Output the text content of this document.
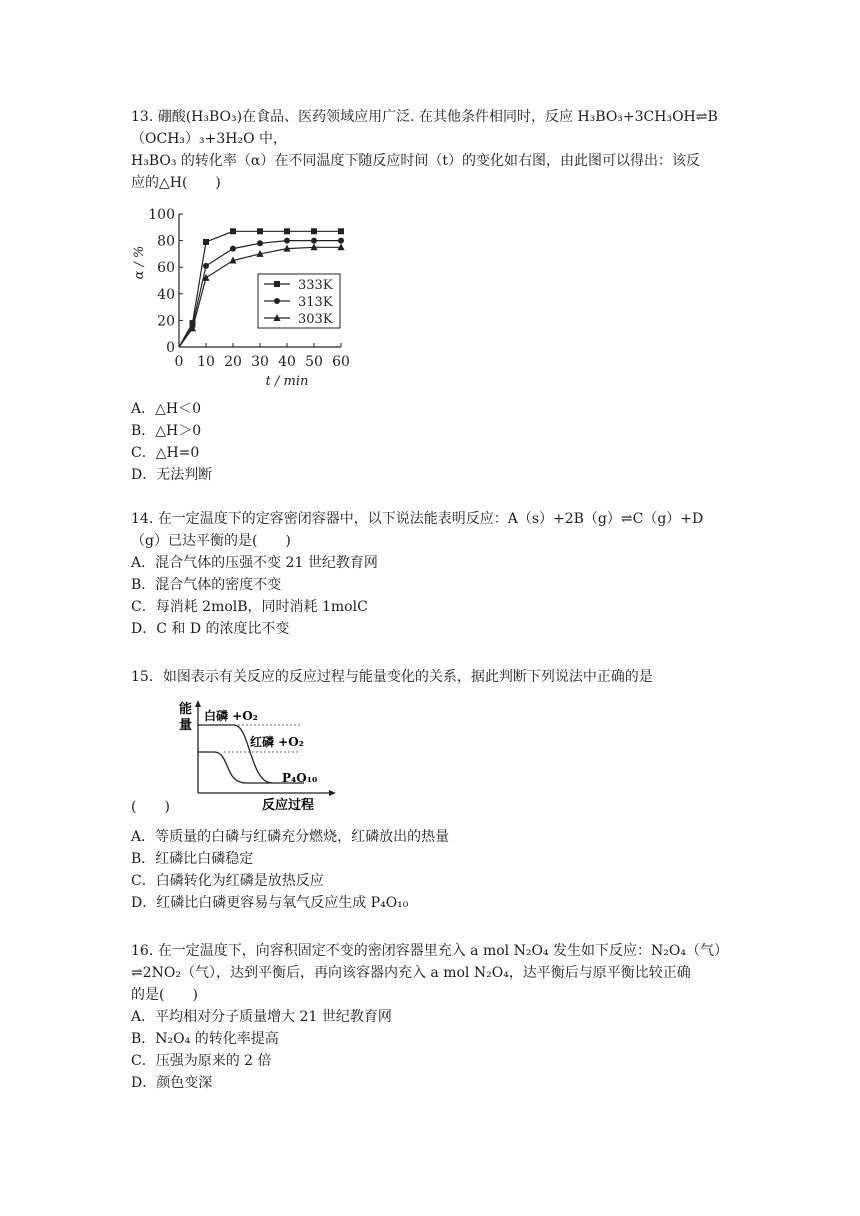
13. 硼酸(H₃BO₃)在食品、医药领域应用广泛. 在其他条件相同时，反应 H₃BO₃+3CH₃OH⇌B
（OCH₃）₃+3H₂O 中，
H₃BO₃ 的转化率（α）在不同温度下随反应时间（t）的变化如右图，由此图可以得出：该反
应的△H(　　)
0
20
40
60
80
100
0 10 20 30 40 50 60
t / min
α / %
333K
313K
303K
A．△H＜0
B．△H＞0
C．△H=0
D．无法判断
14. 在一定温度下的定容密闭容器中，以下说法能表明反应：A（s）+2B（g）⇌C（g）+D
（g）已达平衡的是(　　)
A．混合气体的压强不变 21 世纪教育网
B．混合气体的密度不变
C．每消耗 2molB，同时消耗 1molC
D．C 和 D 的浓度比不变
15．如图表示有关反应的反应过程与能量变化的关系，据此判断下列说法中正确的是
能
量
白磷 +O₂
红磷 +O₂
P₄O₁₀
反应过程
(　　)
A．等质量的白磷与红磷充分燃烧，红磷放出的热量
B．红磷比白磷稳定
C．白磷转化为红磷是放热反应
D．红磷比白磷更容易与氧气反应生成 P₄O₁₀
16. 在一定温度下，向容积固定不变的密闭容器里充入 a mol N₂O₄ 发生如下反应：N₂O₄（气）
⇌2NO₂（气），达到平衡后，再向该容器内充入 a mol N₂O₄，达平衡后与原平衡比较正确
的是(　　)
A．平均相对分子质量增大 21 世纪教育网
B．N₂O₄ 的转化率提高
C．压强为原来的 2 倍
D．颜色变深
